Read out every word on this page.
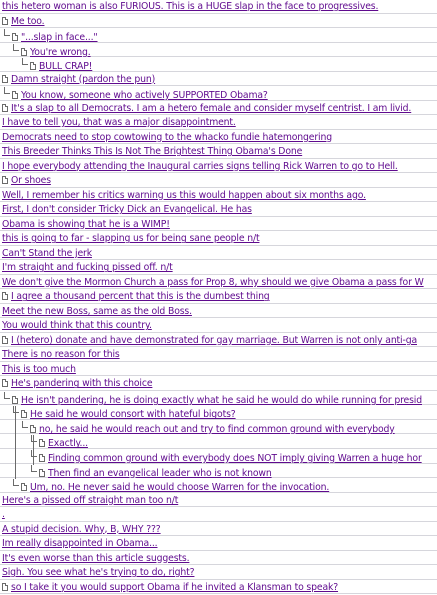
this hetero woman is also FURIOUS. This is a HUGE slap in the face to progressives.
Me too.
"...slap in face..."
You're wrong.
BULL CRAP!
Damn straight (pardon the pun)
You know, someone who actively SUPPORTED Obama?
It's a slap to all Democrats. I am a hetero female and consider myself centrist. I am livid.
I have to tell you, that was a major disappointment.
Democrats need to stop cowtowing to the whacko fundie hatemongering
This Breeder Thinks This Is Not The Brightest Thing Obama's Done
I hope everybody attending the Inaugural carries signs telling Rick Warren to go to Hell.
Or shoes
Well, I remember his critics warning us this would happen about six months ago.
First, I don't consider Tricky Dick an Evangelical. He has
Obama is showing that he is a WIMP!
this is going to far - slapping us for being sane people n/t
Can't Stand the jerk
I'm straight and fucking pissed off. n/t
We don't give the Mormon Church a pass for Prop 8, why should we give Obama a pass for W
I agree a thousand percent that this is the dumbest thing
Meet the new Boss, same as the old Boss.
You would think that this country.
I (hetero) donate and have demonstrated for gay marriage. But Warren is not only anti-ga
There is no reason for this
This is too much
He's pandering with this choice
He isn't pandering, he is doing exactly what he said he would do while running for presid
He said he would consort with hateful bigots?
no, he said he would reach out and try to find common ground with everybody
Exactly...
Finding common ground with everybody does NOT imply giving Warren a huge hor
Then find an evangelical leader who is not known
Um, no. He never said he would choose Warren for the invocation.
Here's a pissed off straight man too n/t
.
A stupid decision. Why, B, WHY ???
Im really disappointed in Obama...
It's even worse than this article suggests.
Sigh. You see what he's trying to do, right?
so I take it you would support Obama if he invited a Klansman to speak?
